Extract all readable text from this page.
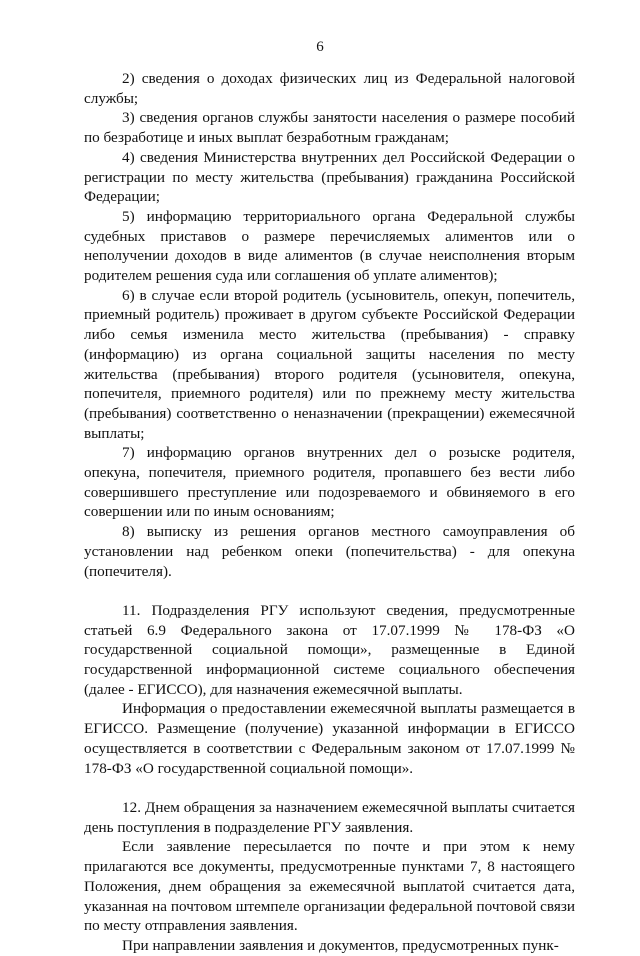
6

2) сведения о доходах физических лиц из Федеральной налоговой службы;

3) сведения органов службы занятости населения о размере пособий по безработице и иных выплат безработным гражданам;

4) сведения Министерства внутренних дел Российской Федерации о регистрации по месту жительства (пребывания) гражданина Российской Федерации;

5) информацию территориального органа Федеральной службы судебных приставов о размере перечисляемых алиментов или о неполучении доходов в виде алиментов (в случае неисполнения вторым родителем решения суда или соглашения об уплате алиментов);

6) в случае если второй родитель (усыновитель, опекун, попечитель, приемный родитель) проживает в другом субъекте Российской Федерации либо семья изменила место жительства (пребывания) - справку (информацию) из органа социальной защиты населения по месту жительства (пребывания) второго родителя (усыновителя, опекуна, попечителя, приемного родителя) или по прежнему месту жительства (пребывания) соответственно о неназначении (прекращении) ежемесячной выплаты;

7) информацию органов внутренних дел о розыске родителя, опекуна, попечителя, приемного родителя, пропавшего без вести либо совершившего преступление или подозреваемого и обвиняемого в его совершении или по иным основаниям;

8) выписку из решения органов местного самоуправления об установлении над ребенком опеки (попечительства) - для опекуна (попечителя).

11. Подразделения РГУ используют сведения, предусмотренные статьей 6.9 Федерального закона от 17.07.1999 № 178-ФЗ «О государственной социальной помощи», размещенные в Единой государственной информационной системе социального обеспечения (далее - ЕГИССО), для назначения ежемесячной выплаты.

Информация о предоставлении ежемесячной выплаты размещается в ЕГИССО. Размещение (получение) указанной информации в ЕГИССО осуществляется в соответствии с Федеральным законом от 17.07.1999 № 178-ФЗ «О государственной социальной помощи».

12. Днем обращения за назначением ежемесячной выплаты считается день поступления в подразделение РГУ заявления.

Если заявление пересылается по почте и при этом к нему прилагаются все документы, предусмотренные пунктами 7, 8 настоящего Положения, днем обращения за ежемесячной выплатой считается дата, указанная на почтовом штемпеле организации федеральной почтовой связи по месту отправления заявления.

При направлении заявления и документов, предусмотренных пунк-
